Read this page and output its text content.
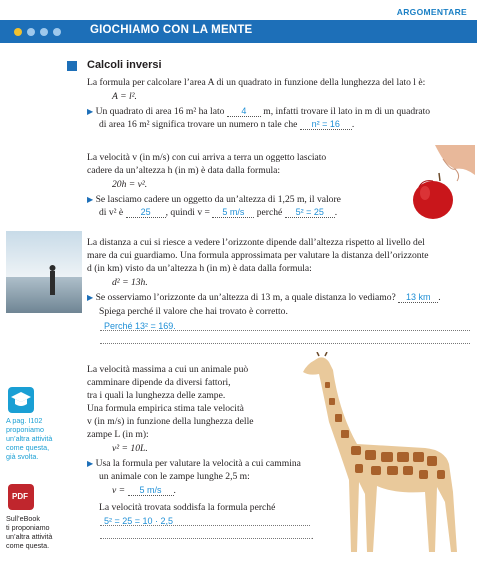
ARGOMENTARE
GIOCHIAMO CON LA MENTE
Calcoli inversi

La formula per calcolare l’area A di un quadrato in funzione della lunghezza del lato l è:

A = l².

▶ Un quadrato di area 16 m² ha lato 4 m, infatti trovare il lato in m di un quadrato

di area 16 m² significa trovare un numero n tale che n² = 16 .

La velocità v (in m/s) con cui arriva a terra un oggetto lasciato

cadere da un’altezza h (in m) è data dalla formula:

20h = v².

▶ Se lasciamo cadere un oggetto da un’altezza di 1,25 m, il valore

di v² è 25 , quindi v = 5 m/s perché 5² = 25 .

La distanza a cui si riesce a vedere l’orizzonte dipende dall’altezza rispetto al livello del

mare da cui guardiamo. Una formula approssimata per valutare la distanza dell’orizzonte

d (in km) visto da un’altezza h (in m) è data dalla formula:

d² = 13h.

▶ Se osserviamo l’orizzonte da un’altezza di 13 m, a quale distanza lo vediamo? 13 km .

Spiega perché il valore che hai trovato è corretto.

Perché 13² = 169.

La velocità massima a cui un animale può

camminare dipende da diversi fattori,

tra i quali la lunghezza delle zampe.

Una formula empirica stima tale velocità

v (in m/s) in funzione della lunghezza delle

zampe L (in m):

v² = 10L.

▶ Usa la formula per valutare la velocità a cui cammina

un animale con le zampe lunghe 2,5 m:

v = 5 m/s .

La velocità trovata soddisfa la formula perché

5² = 25 = 10 · 2,5

.
A pag. I102
proponiamo
un’altra attività
come questa,
già svolta.
PDF
Sull’eBook
ti proponiamo
un’altra attività
come questa.
